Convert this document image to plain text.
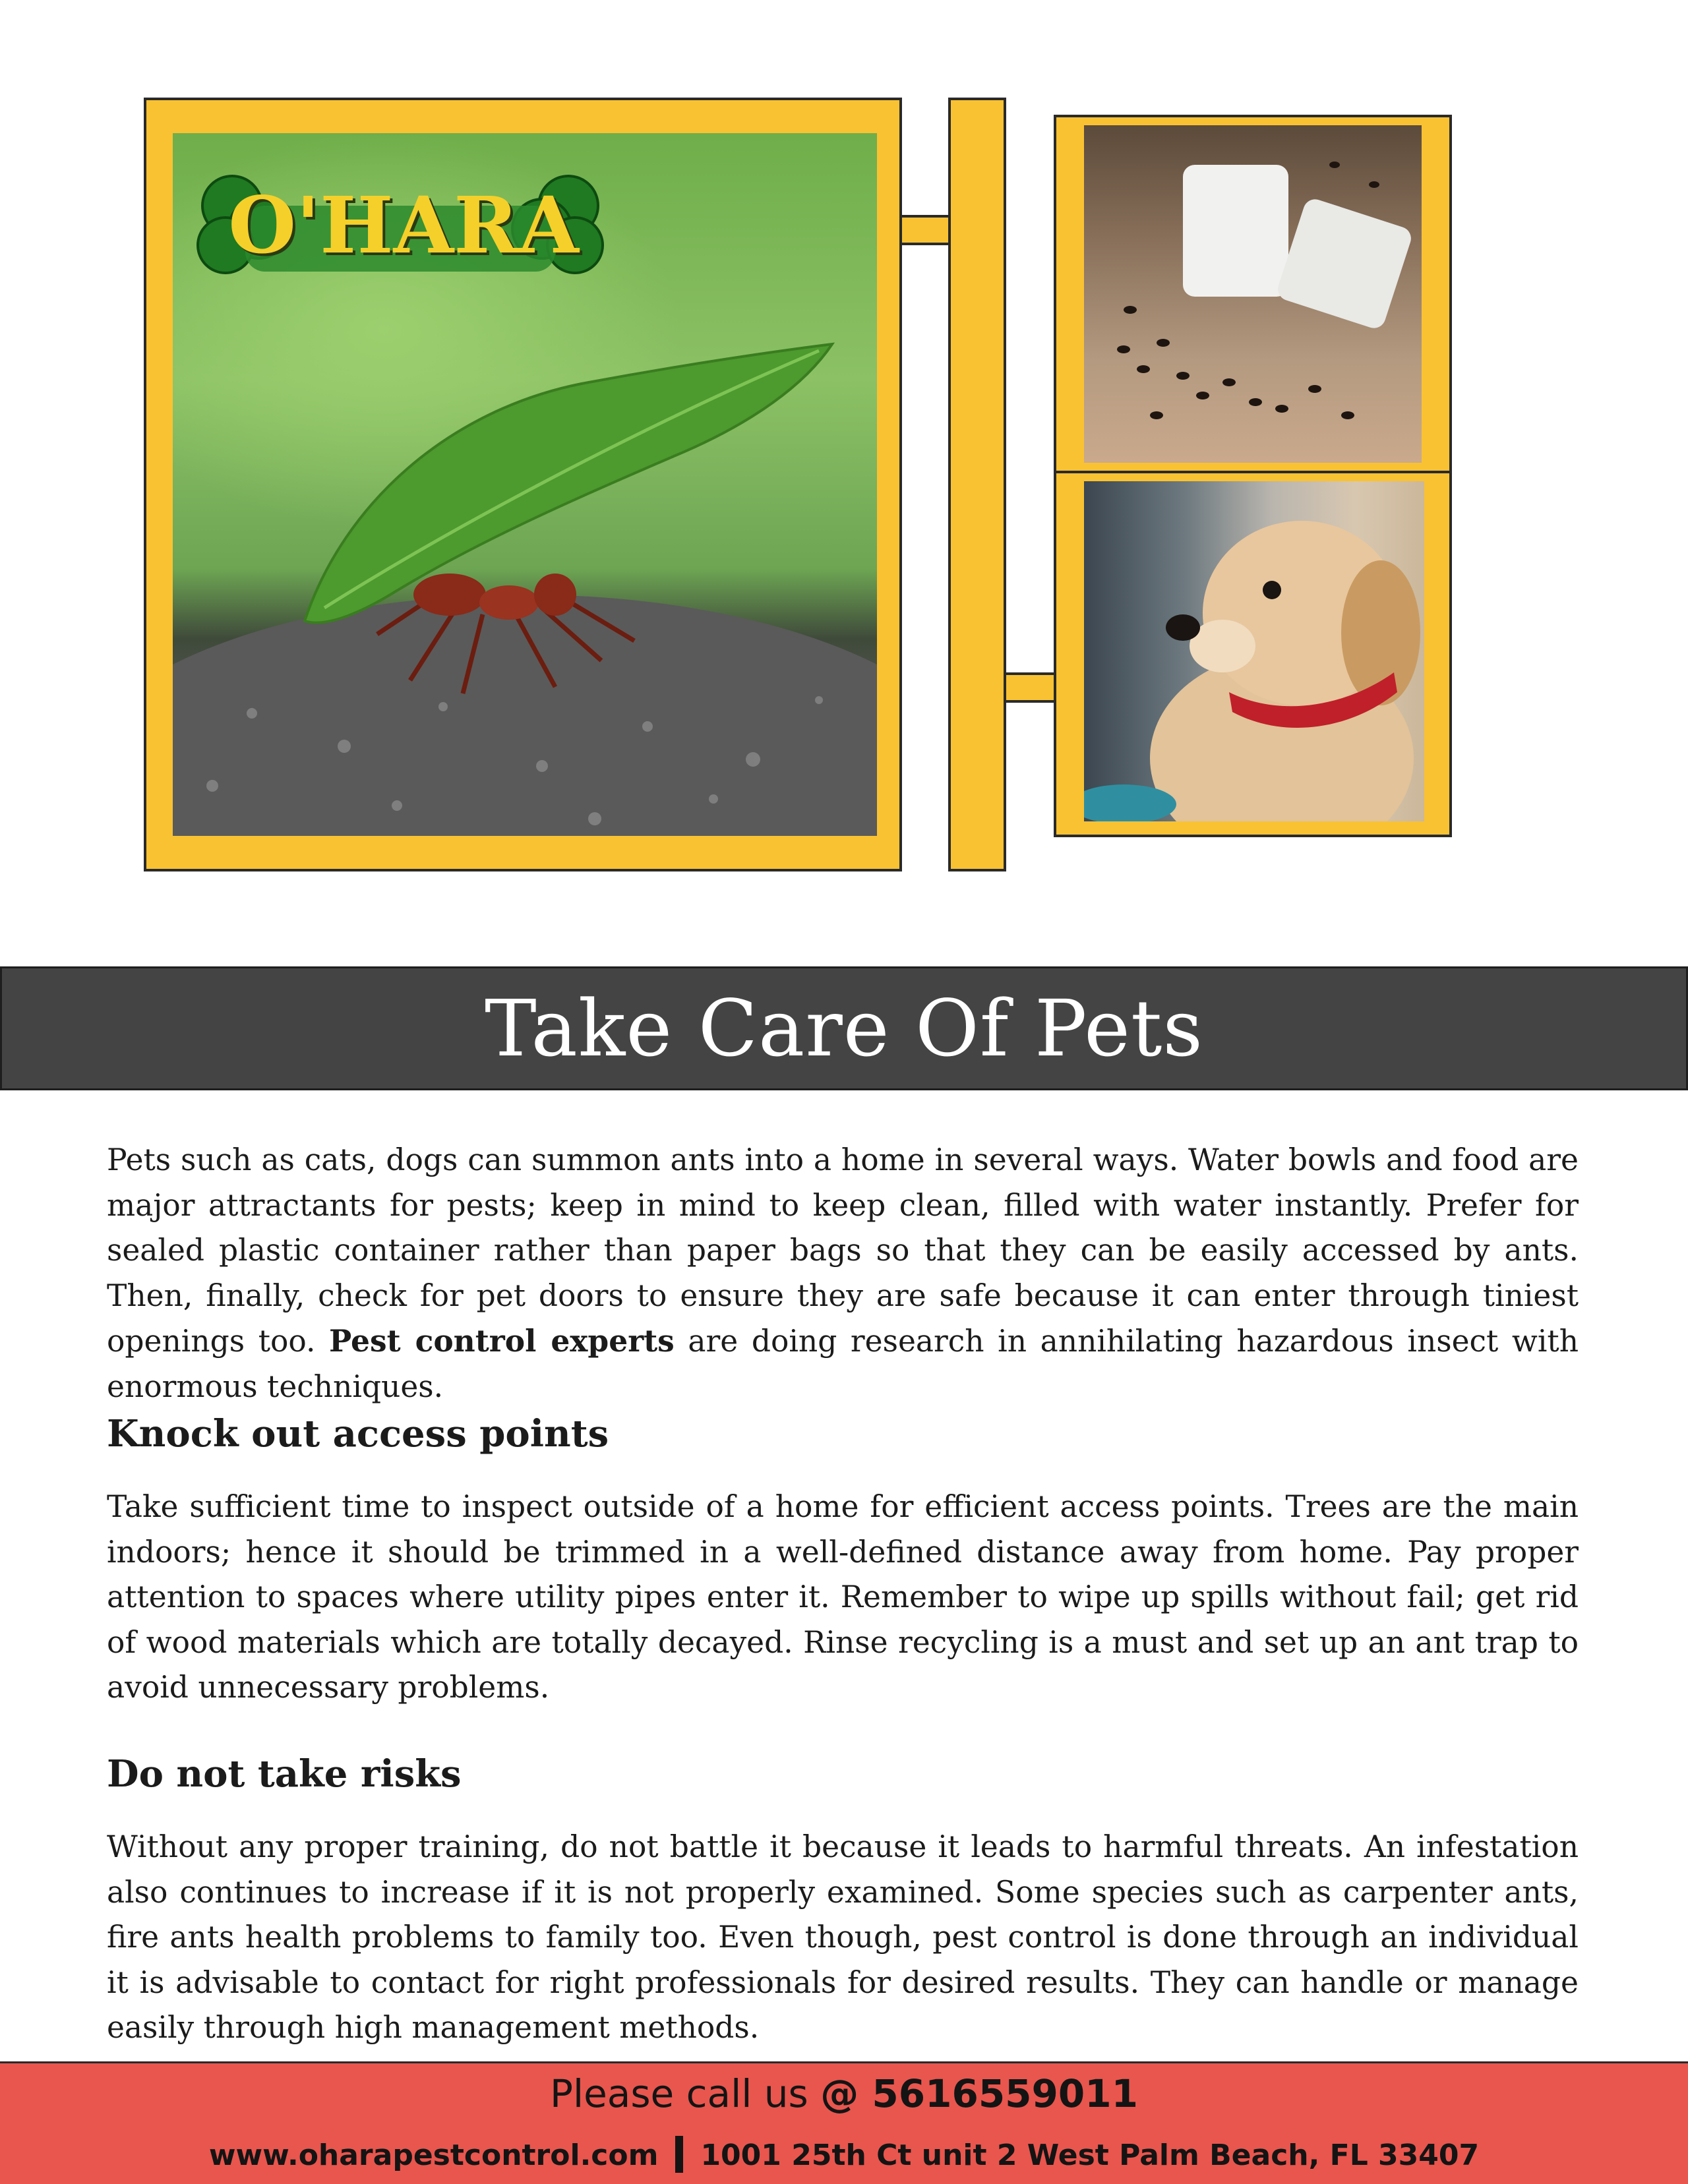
O'HARA
Take Care Of Pets
Pets such as cats, dogs can summon ants into a home in several ways. Water bowls and food are major attractants for pests; keep in mind to keep clean, filled with water instantly. Prefer for sealed plastic container rather than paper bags so that they can be easily accessed by ants. Then, finally, check for pet doors to ensure they are safe because it can enter through tiniest openings too. Pest control experts are doing research in annihilating hazardous insect with enormous techniques.
Knock out access points
Take sufficient time to inspect outside of a home for efficient access points. Trees are the main indoors; hence it should be trimmed in a well-defined distance away from home. Pay proper attention to spaces where utility pipes enter it. Remember to wipe up spills without fail; get rid of wood materials which are totally decayed. Rinse recycling is a must and set up an ant trap to avoid unnecessary problems.
Do not take risks
Without any proper training, do not battle it because it leads to harmful threats. An infestation also continues to increase if it is not properly examined. Some species such as carpenter ants, fire ants health problems to family too. Even though, pest control is done through an individual it is advisable to contact for right professionals for desired results. They can handle or manage easily through high management methods.
Please call us @ 5616559011
www.oharapestcontrol.com 1001 25th Ct unit 2 West Palm Beach, FL 33407
